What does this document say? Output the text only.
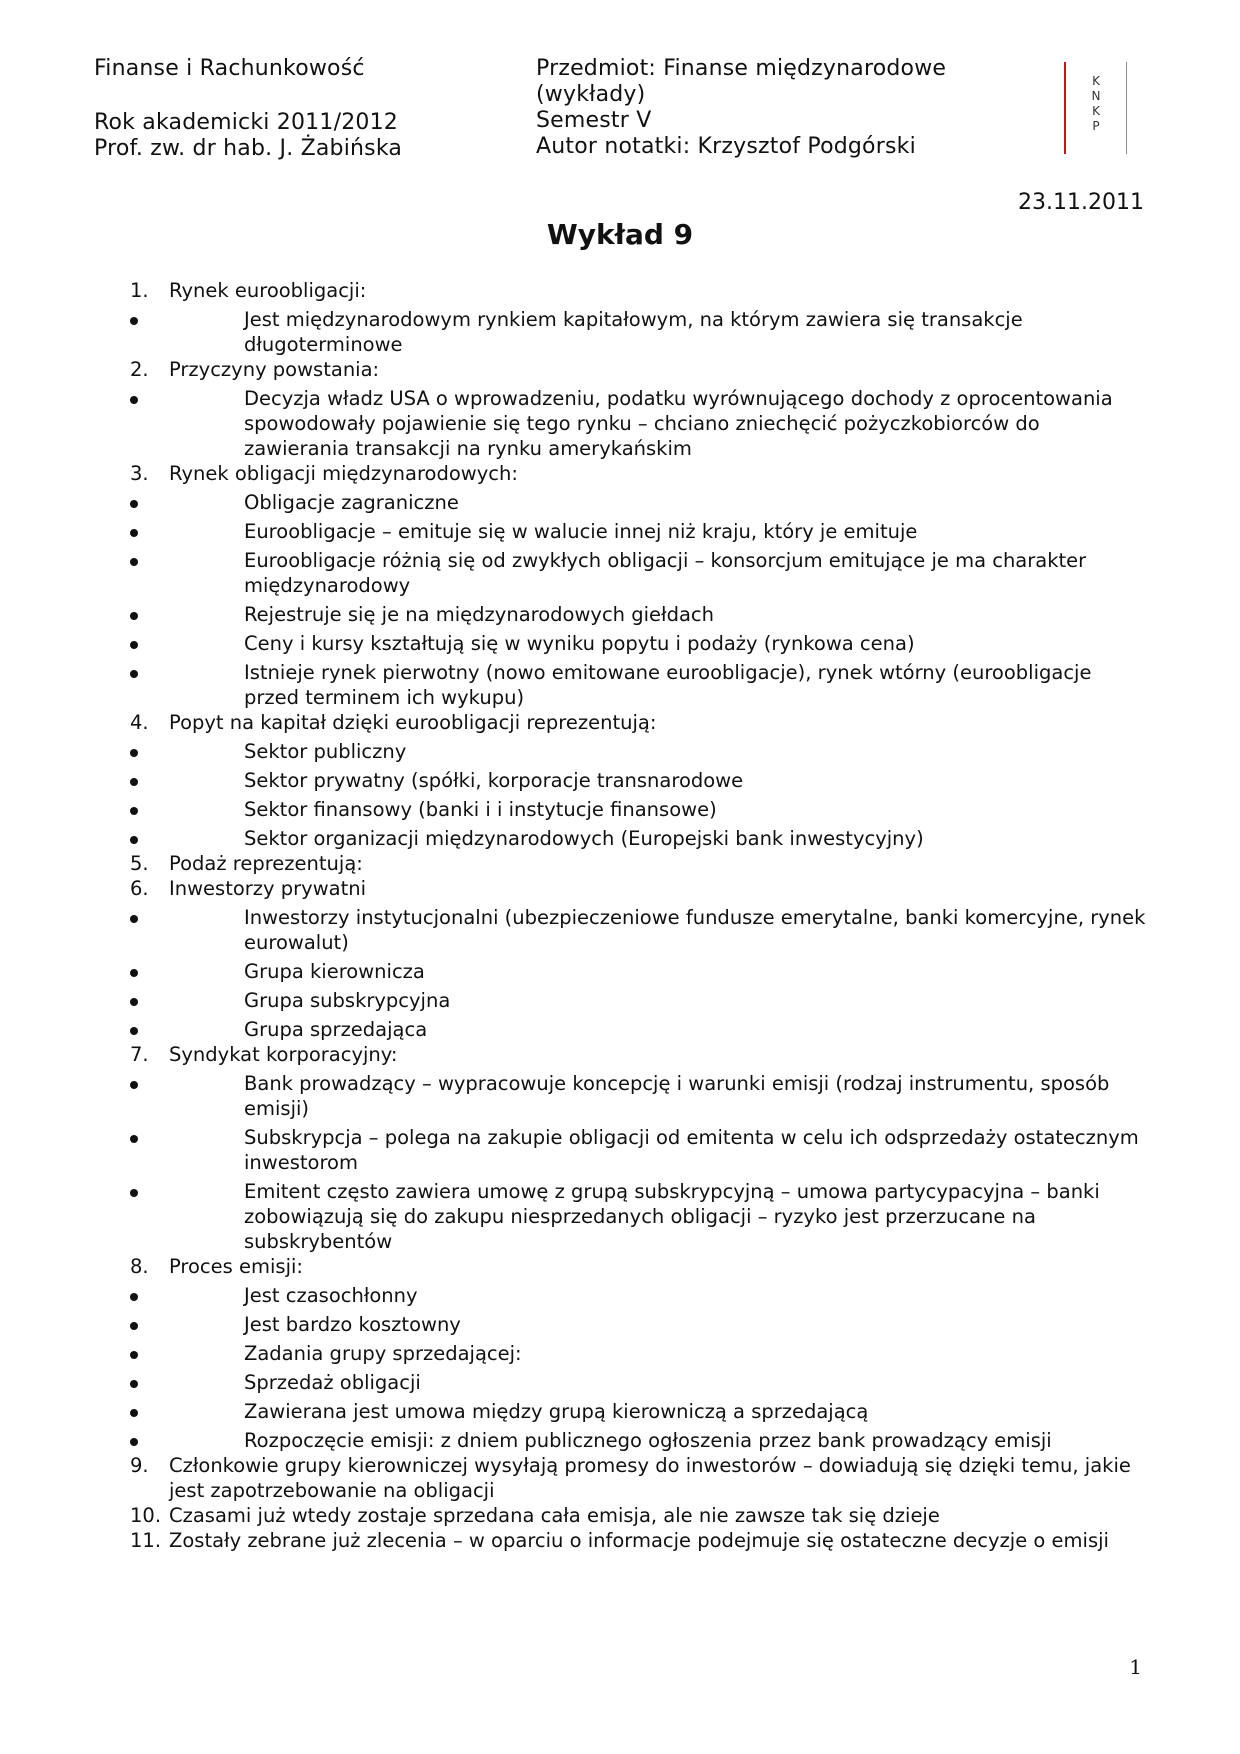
Finanse i Rachunkowość
Rok akademicki 2011/2012
Prof. zw. dr hab. J. Żabińska
Przedmiot: Finanse międzynarodowe
(wykłady)
Semestr V
Autor notatki: Krzysztof Podgórski
K
N
K
P
23.11.2011
Wykład 9
1. Rynek euroobligacji:
Jest międzynarodowym rynkiem kapitałowym, na którym zawiera się transakcje długoterminowe
2. Przyczyny powstania:
Decyzja władz USA o wprowadzeniu, podatku wyrównującego dochody z oprocentowania spowodowały pojawienie się tego rynku – chciano zniechęcić pożyczkobiorców do zawierania transakcji na rynku amerykańskim
3. Rynek obligacji międzynarodowych:
Obligacje zagraniczne
Euroobligacje – emituje się w walucie innej niż kraju, który je emituje
Euroobligacje różnią się od zwykłych obligacji – konsorcjum emitujące je ma charakter międzynarodowy
Rejestruje się je na międzynarodowych giełdach
Ceny i kursy kształtują się w wyniku popytu i podaży (rynkowa cena)
Istnieje rynek pierwotny (nowo emitowane euroobligacje), rynek wtórny (euroobligacje przed terminem ich wykupu)
4. Popyt na kapitał dzięki euroobligacji reprezentują:
Sektor publiczny
Sektor prywatny (spółki, korporacje transnarodowe
Sektor finansowy (banki i i instytucje finansowe)
Sektor organizacji międzynarodowych (Europejski bank inwestycyjny)
5. Podaż reprezentują:
6. Inwestorzy prywatni
Inwestorzy instytucjonalni (ubezpieczeniowe fundusze emerytalne, banki komercyjne, rynek eurowalut)
Grupa kierownicza
Grupa subskrypcyjna
Grupa sprzedająca
7. Syndykat korporacyjny:
Bank prowadzący – wypracowuje koncepcję i warunki emisji (rodzaj instrumentu, sposób emisji)
Subskrypcja – polega na zakupie obligacji od emitenta w celu ich odsprzedaży ostatecznym inwestorom
Emitent często zawiera umowę z grupą subskrypcyjną – umowa partycypacyjna – banki zobowiązują się do zakupu niesprzedanych obligacji – ryzyko jest przerzucane na subskrybentów
8. Proces emisji:
Jest czasochłonny
Jest bardzo kosztowny
Zadania grupy sprzedającej:
Sprzedaż obligacji
Zawierana jest umowa między grupą kierowniczą a sprzedającą
Rozpoczęcie emisji: z dniem publicznego ogłoszenia przez bank prowadzący emisji
9. Członkowie grupy kierowniczej wysyłają promesy do inwestorów – dowiadują się dzięki temu, jakie jest zapotrzebowanie na obligacji
10. Czasami już wtedy zostaje sprzedana cała emisja, ale nie zawsze tak się dzieje
11. Zostały zebrane już zlecenia – w oparciu o informacje podejmuje się ostateczne decyzje o emisji
1
